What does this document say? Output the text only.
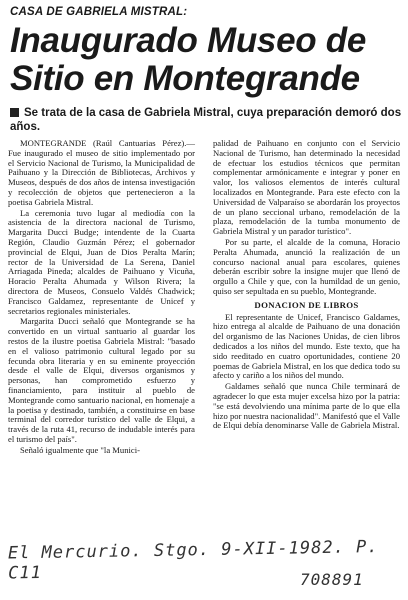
CASA DE GABRIELA MISTRAL:
Inaugurado Museo de Sitio en Montegrande
Se trata de la casa de Gabriela Mistral, cuya preparación demoró dos años.

MONTEGRANDE (Raúl Cantuarias Pérez).— Fue inaugurado el museo de sitio implementado por el Servicio Nacional de Turismo, la Municipalidad de Paihuano y la Dirección de Bibliotecas, Archivos y Museos, después de dos años de intensa investigación y recolección de objetos que pertenecieron a la poetisa Gabriela Mistral.

La ceremonia tuvo lugar al mediodía con la asistencia de la directora nacional de Turismo, Margarita Ducci Budge; intendente de la Cuarta Región, Claudio Guzmán Pérez; el gobernador provincial de Elqui, Juan de Dios Peralta Marín; rector de la Universidad de La Serena, Daniel Arriagada Pineda; alcaldes de Paihuano y Vicuña, Horacio Peralta Ahumada y Wilson Rivera; la directora de Museos, Consuelo Valdés Chadwick; Francisco Galdamez, representante de Unicef y secretarios regionales ministeriales.

Margarita Ducci señaló que Montegrande se ha convertido en un virtual santuario al guardar los restos de la ilustre poetisa Gabriela Mistral: "basado en el valioso patrimonio cultural legado por su fecunda obra literaria y en su eminente proyección desde el valle de Elqui, diversos organismos y personas, han comprometido esfuerzo y financiamiento, para instituir al pueblo de Montegrande como santuario nacional, en homenaje a la poetisa y destinado, también, a constituirse en base terminal del corredor turístico del valle de Elqui, a través de la ruta 41, recurso de indudable interés para el turismo del país".

Señaló igualmente que "la Munici-

palidad de Paihuano en conjunto con el Servicio Nacional de Turismo, han determinado la necesidad de efectuar los estudios técnicos que permitan complementar armónicamente e integrar y poner en valor, los valiosos elementos de interés cultural localizados en Montegrande. Para este efecto con la Universidad de Valparaíso se abordarán los proyectos de un plano seccional urbano, remodelación de la plaza, remodelación de la tumba monumento de Gabriela Mistral y un parador turístico".

Por su parte, el alcalde de la comuna, Horacio Peralta Ahumada, anunció la realización de un concurso nacional anual para escolares, quienes deberán escribir sobre la insigne mujer que llenó de orgullo a Chile y que, con la humildad de un genio, quiso ser sepultada en su pueblo, Montegrande.

DONACION DE LIBROS

El representante de Unicef, Francisco Galdames, hizo entrega al alcalde de Paihuano de una donación del organismo de las Naciones Unidas, de cien libros dedicados a los niños del mundo. Este texto, que ha sido reeditado en cuatro oportunidades, contiene 20 poemas de Gabriela Mistral, en los que dedica todo su afecto y cariño a los niños del mundo.

Galdames señaló que nunca Chile terminará de agradecer lo que esta mujer excelsa hizo por la patria: "se está devolviendo una mínima parte de lo que ella hizo por nuestra nacionalidad". Manifestó que el Valle de Elqui debía denominarse Valle de Gabriela Mistral.

El Mercurio. Stgo. 9-XII-1982. P. C11	708891
